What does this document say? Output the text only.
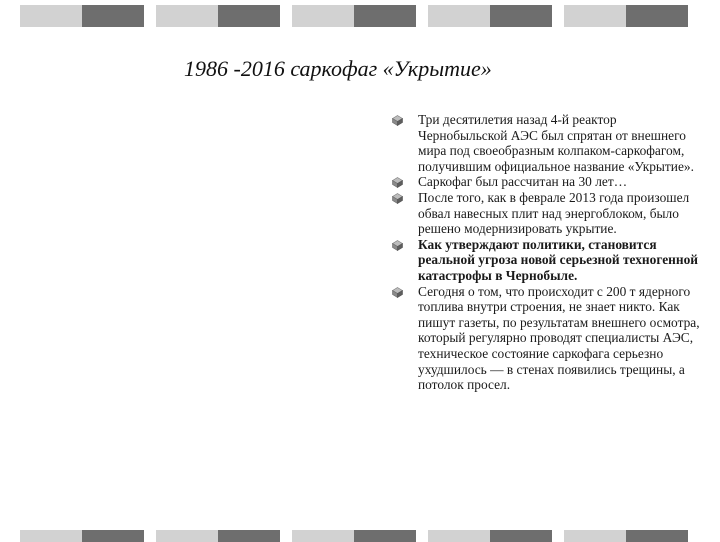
1986 -2016 саркофаг «Укрытие»
Три десятилетия назад 4-й реактор Чернобыльской АЭС был спрятан от внешнего мира под своеобразным колпаком-саркофагом, получившим официальное название «Укрытие».
Саркофаг был рассчитан на 30 лет…
После того, как в феврале 2013 года произошел обвал навесных плит над энергоблоком, было решено модернизировать укрытие.
Как утверждают политики, становится реальной угроза новой серьезной техногенной катастрофы в Чернобыле.
Сегодня о том, что происходит с 200 т ядерного топлива внутри строения, не знает никто. Как пишут газеты, по результатам внешнего осмотра, который регулярно проводят специалисты АЭС, техническое состояние саркофага серьезно ухудшилось — в стенах появились трещины, а потолок просел.
